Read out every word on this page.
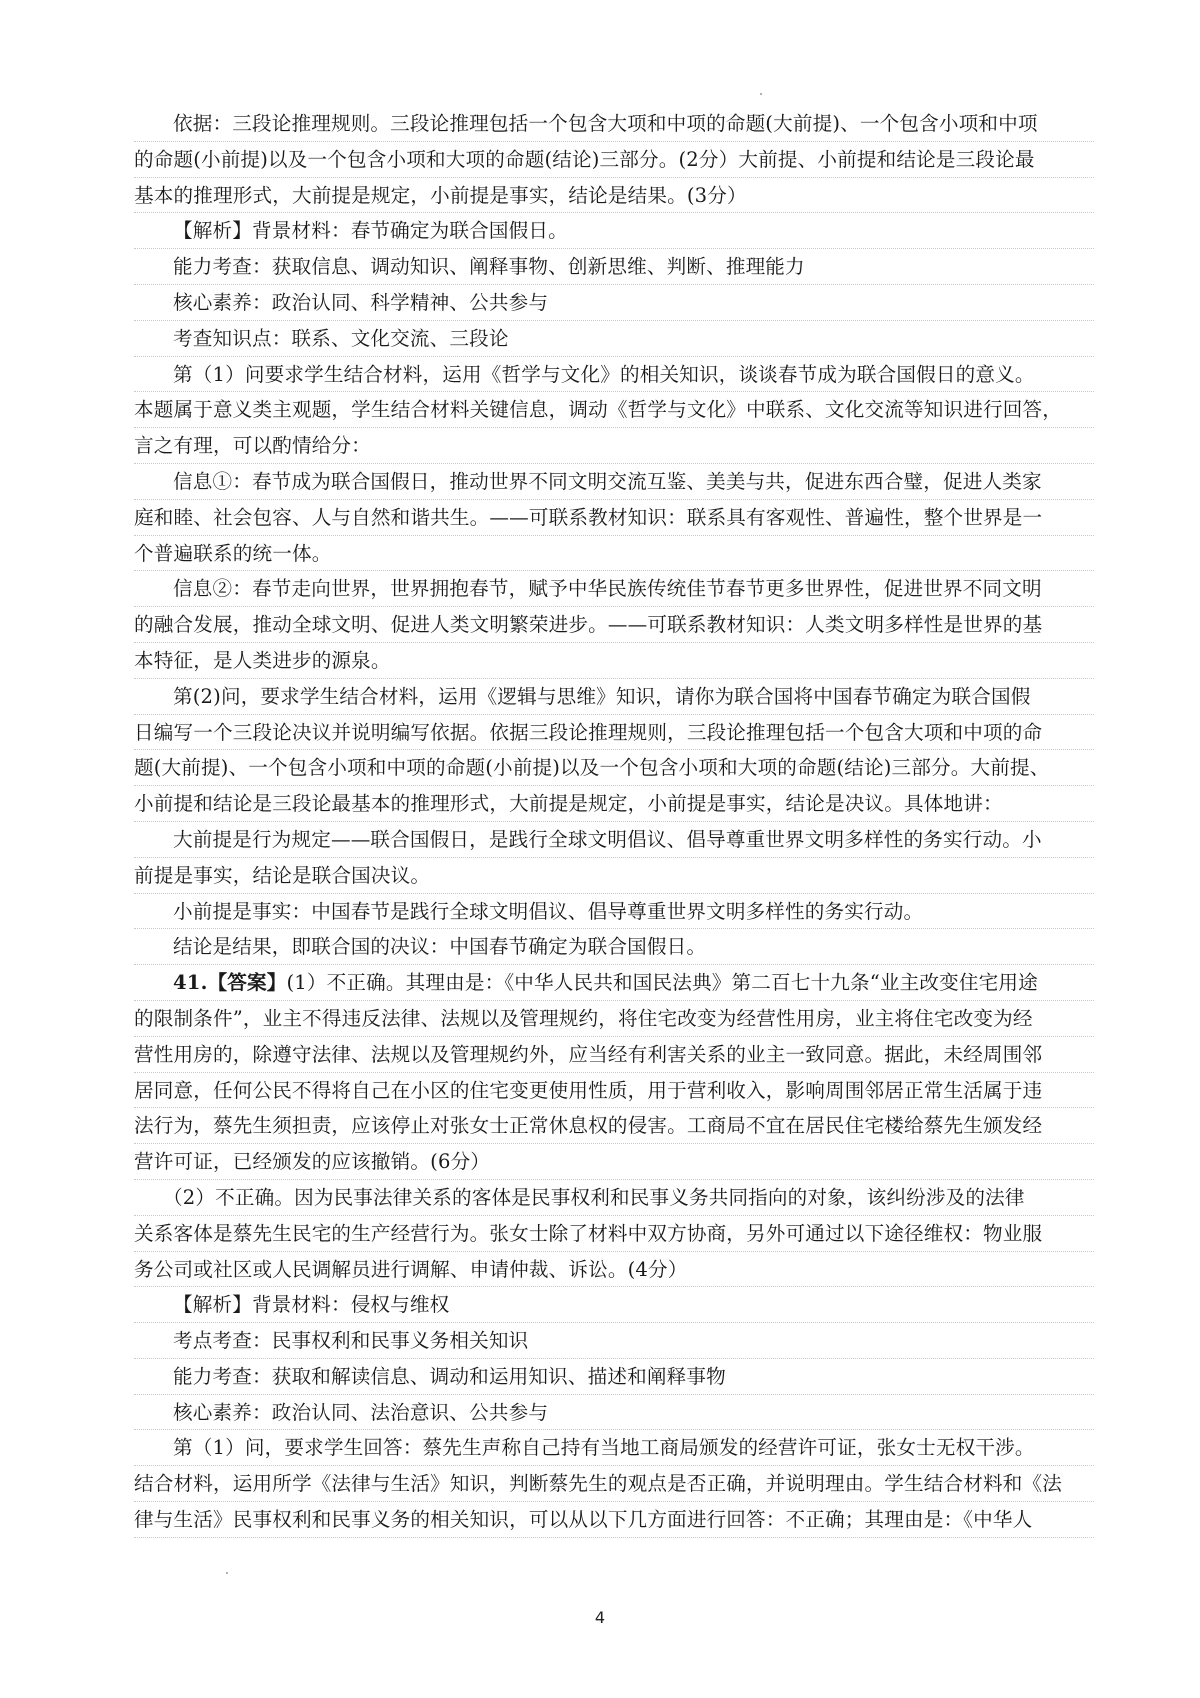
依据：三段论推理规则。三段论推理包括一个包含大项和中项的命题(大前提)、一个包含小项和中项
的命题(小前提)以及一个包含小项和大项的命题(结论)三部分。(2分）大前提、小前提和结论是三段论最
基本的推理形式，大前提是规定，小前提是事实，结论是结果。(3分）
【解析】背景材料：春节确定为联合国假日。
能力考查：获取信息、调动知识、阐释事物、创新思维、判断、推理能力
核心素养：政治认同、科学精神、公共参与
考查知识点：联系、文化交流、三段论
第（1）问要求学生结合材料，运用《哲学与文化》的相关知识，谈谈春节成为联合国假日的意义。
本题属于意义类主观题，学生结合材料关键信息，调动《哲学与文化》中联系、文化交流等知识进行回答，
言之有理，可以酌情给分：
信息①：春节成为联合国假日，推动世界不同文明交流互鉴、美美与共，促进东西合璧，促进人类家
庭和睦、社会包容、人与自然和谐共生。——可联系教材知识：联系具有客观性、普遍性，整个世界是一
个普遍联系的统一体。
信息②：春节走向世界，世界拥抱春节，赋予中华民族传统佳节春节更多世界性，促进世界不同文明
的融合发展，推动全球文明、促进人类文明繁荣进步。——可联系教材知识：人类文明多样性是世界的基
本特征，是人类进步的源泉。
第(2)问，要求学生结合材料，运用《逻辑与思维》知识，请你为联合国将中国春节确定为联合国假
日编写一个三段论决议并说明编写依据。依据三段论推理规则，三段论推理包括一个包含大项和中项的命
题(大前提)、一个包含小项和中项的命题(小前提)以及一个包含小项和大项的命题(结论)三部分。大前提、
小前提和结论是三段论最基本的推理形式，大前提是规定，小前提是事实，结论是决议。具体地讲：
大前提是行为规定——联合国假日，是践行全球文明倡议、倡导尊重世界文明多样性的务实行动。小
前提是事实，结论是联合国决议。
小前提是事实：中国春节是践行全球文明倡议、倡导尊重世界文明多样性的务实行动。
结论是结果，即联合国的决议：中国春节确定为联合国假日。
41.【答案】(1）不正确。其理由是：《中华人民共和国民法典》第二百七十九条“业主改变住宅用途
的限制条件”，业主不得违反法律、法规以及管理规约，将住宅改变为经营性用房，业主将住宅改变为经
营性用房的，除遵守法律、法规以及管理规约外，应当经有利害关系的业主一致同意。据此，未经周围邻
居同意，任何公民不得将自己在小区的住宅变更使用性质，用于营利收入，影响周围邻居正常生活属于违
法行为，蔡先生须担责，应该停止对张女士正常休息权的侵害。工商局不宜在居民住宅楼给蔡先生颁发经
营许可证，已经颁发的应该撤销。(6分）
（2）不正确。因为民事法律关系的客体是民事权利和民事义务共同指向的对象，该纠纷涉及的法律
关系客体是蔡先生民宅的生产经营行为。张女士除了材料中双方协商，另外可通过以下途径维权：物业服
务公司或社区或人民调解员进行调解、申请仲裁、诉讼。(4分）
【解析】背景材料：侵权与维权
考点考查：民事权利和民事义务相关知识
能力考查：获取和解读信息、调动和运用知识、描述和阐释事物
核心素养：政治认同、法治意识、公共参与
第（1）问，要求学生回答：蔡先生声称自己持有当地工商局颁发的经营许可证，张女士无权干涉。
结合材料，运用所学《法律与生活》知识，判断蔡先生的观点是否正确，并说明理由。学生结合材料和《法
律与生活》民事权利和民事义务的相关知识，可以从以下几方面进行回答：不正确；其理由是：《中华人
4
